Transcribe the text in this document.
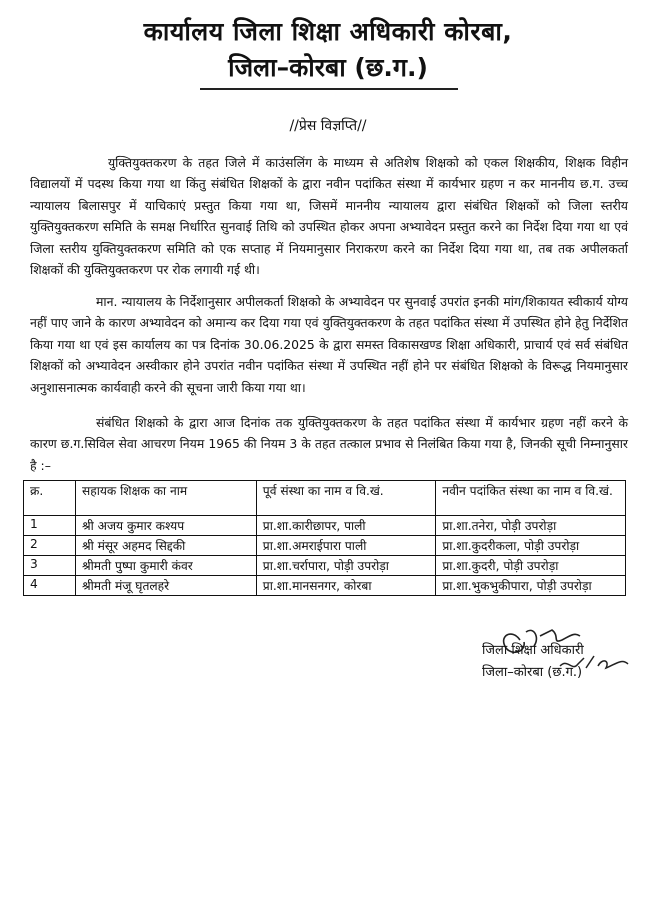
कार्यालय जिला शिक्षा अधिकारी कोरबा,
जिला–कोरबा (छ.ग.)
//प्रेस विज्ञप्ति//

युक्तियुक्तकरण के तहत जिले में काउंसलिंग के माध्यम से अतिशेष शिक्षको को एकल शिक्षकीय, शिक्षक विहीन विद्यालयों में पदस्थ किया गया था किंतु संबंधित शिक्षकों के द्वारा नवीन पदांकित संस्था में कार्यभार ग्रहण न कर माननीय छ.ग. उच्च न्यायालय बिलासपुर में याचिकाएं प्रस्तुत किया गया था, जिसमें माननीय न्यायालय द्वारा संबंधित शिक्षकों को जिला स्तरीय युक्तियुक्तकरण समिति के समक्ष निर्धारित सुनवाई तिथि को उपस्थित होकर अपना अभ्यावेदन प्रस्तुत करने का निर्देश दिया गया था एवं जिला स्तरीय युक्तियुक्तकरण समिति को एक सप्ताह में नियमानुसार निराकरण करने का निर्देश दिया गया था, तब तक अपीलकर्ता शिक्षकों की युक्तियुक्तकरण पर रोक लगायी गई थी।

मान. न्यायालय के निर्देशानुसार अपीलकर्ता शिक्षको के अभ्यावेदन पर सुनवाई उपरांत इनकी मांग/शिकायत स्वीकार्य योग्य नहीं पाए जाने के कारण अभ्यावेदन को अमान्य कर दिया गया एवं युक्तियुक्तकरण के तहत पदांकित संस्था में उपस्थित होने हेतु निर्देशित किया गया था एवं इस कार्यालय का पत्र दिनांक 30.06.2025 के द्वारा समस्त विकासखण्ड शिक्षा अधिकारी, प्राचार्य एवं सर्व संबंधित शिक्षकों को अभ्यावेदन अस्वीकार होने उपरांत नवीन पदांकित संस्था में उपस्थित नहीं होने पर संबंधित शिक्षको के विरूद्ध नियमानुसार अनुशासनात्मक कार्यवाही करने की सूचना जारी किया गया था।

संबंधित शिक्षको के द्वारा आज दिनांक तक युक्तियुक्तकरण के तहत पदांकित संस्था में कार्यभार ग्रहण नहीं करने के कारण छ.ग.सिविल सेवा आचरण नियम 1965 की नियम 3 के तहत तत्काल प्रभाव से निलंबित किया गया है, जिनकी सूची निम्नानुसार है :–

क्र.	सहायक शिक्षक का नाम	पूर्व संस्था का नाम व वि.खं.	नवीन पदांकित संस्था का नाम व वि.खं.
1	श्री अजय कुमार कश्यप	प्रा.शा.कारीछापर, पाली	प्रा.शा.तनेरा, पोड़ी उपरोड़ा
2	श्री मंसूर अहमद सिद्दकी	प्रा.शा.अमराईपारा पाली	प्रा.शा.कुदरीकला, पोड़ी उपरोड़ा
3	श्रीमती पुष्पा कुमारी कंवर	प्रा.शा.चर्रापारा, पोड़ी उपरोड़ा	प्रा.शा.कुदरी, पोड़ी उपरोड़ा
4	श्रीमती मंजू घृतलहरे	प्रा.शा.मानसनगर, कोरबा	प्रा.शा.भुकभुकीपारा, पोड़ी उपरोड़ा
जिला शिक्षा अधिकारी
जिला–कोरबा (छ.ग.)
